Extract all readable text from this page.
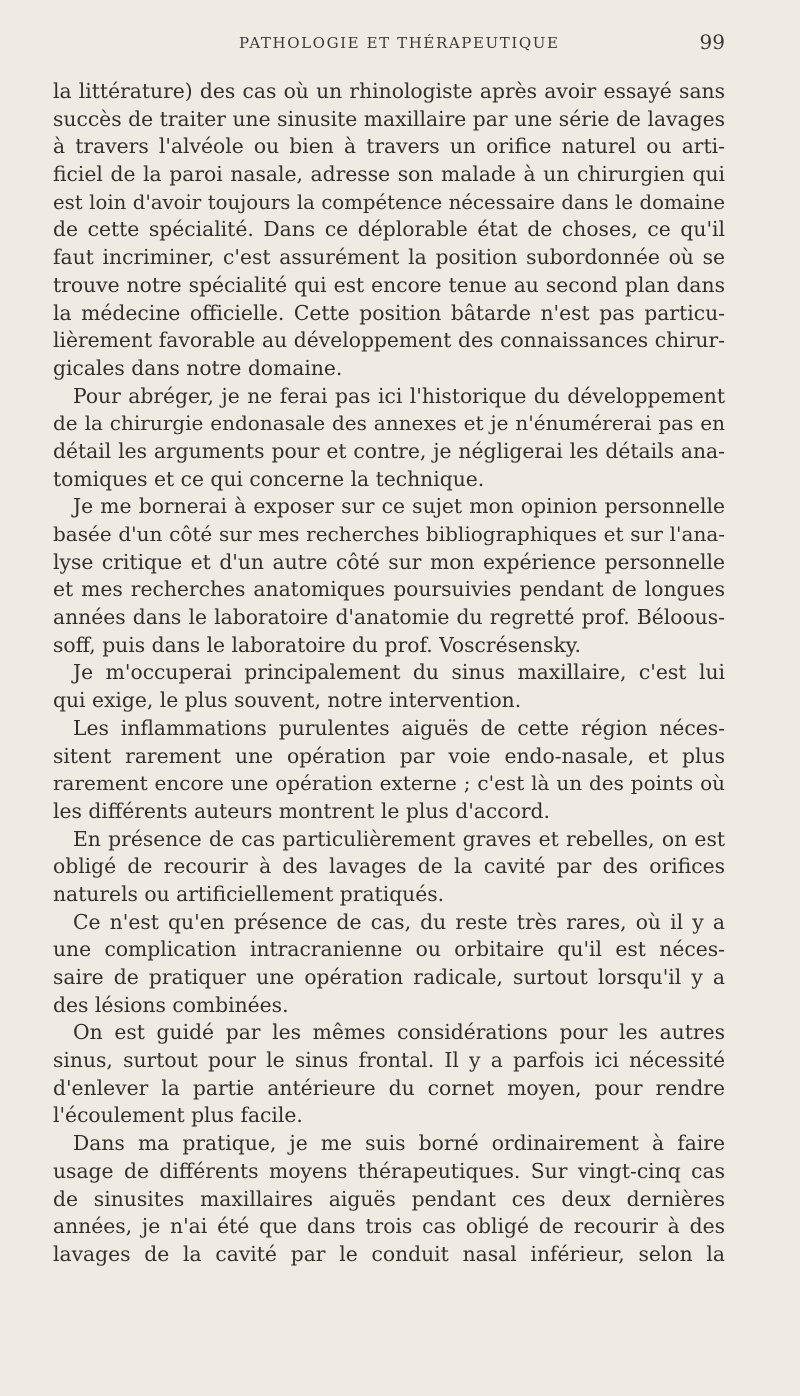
PATHOLOGIE ET THÉRAPEUTIQUE	99
la littérature) des cas où un rhinologiste après avoir essayé sans
succès de traiter une sinusite maxillaire par une série de lavages
à travers l'alvéole ou bien à travers un orifice naturel ou arti-
ficiel de la paroi nasale, adresse son malade à un chirurgien qui
est loin d'avoir toujours la compétence nécessaire dans le domaine
de cette spécialité. Dans ce déplorable état de choses, ce qu'il
faut incriminer, c'est assurément la position subordonnée où se
trouve notre spécialité qui est encore tenue au second plan dans
la médecine officielle. Cette position bâtarde n'est pas particu-
lièrement favorable au développement des connaissances chirur-
gicales dans notre domaine.
Pour abréger, je ne ferai pas ici l'historique du développement
de la chirurgie endonasale des annexes et je n'énumérerai pas en
détail les arguments pour et contre, je négligerai les détails ana-
tomiques et ce qui concerne la technique.
Je me bornerai à exposer sur ce sujet mon opinion personnelle
basée d'un côté sur mes recherches bibliographiques et sur l'ana-
lyse critique et d'un autre côté sur mon expérience personnelle
et mes recherches anatomiques poursuivies pendant de longues
années dans le laboratoire d'anatomie du regretté prof. Béloous-
soff, puis dans le laboratoire du prof. Voscrésensky.
Je m'occuperai principalement du sinus maxillaire, c'est lui
qui exige, le plus souvent, notre intervention.
Les inflammations purulentes aiguës de cette région néces-
sitent rarement une opération par voie endo-nasale, et plus
rarement encore une opération externe ; c'est là un des points où
les différents auteurs montrent le plus d'accord.
En présence de cas particulièrement graves et rebelles, on est
obligé de recourir à des lavages de la cavité par des orifices
naturels ou artificiellement pratiqués.
Ce n'est qu'en présence de cas, du reste très rares, où il y a
une complication intracranienne ou orbitaire qu'il est néces-
saire de pratiquer une opération radicale, surtout lorsqu'il y a
des lésions combinées.
On est guidé par les mêmes considérations pour les autres
sinus, surtout pour le sinus frontal. Il y a parfois ici nécessité
d'enlever la partie antérieure du cornet moyen, pour rendre
l'écoulement plus facile.
Dans ma pratique, je me suis borné ordinairement à faire
usage de différents moyens thérapeutiques. Sur vingt-cinq cas
de sinusites maxillaires aiguës pendant ces deux dernières
années, je n'ai été que dans trois cas obligé de recourir à des
lavages de la cavité par le conduit nasal inférieur, selon la
